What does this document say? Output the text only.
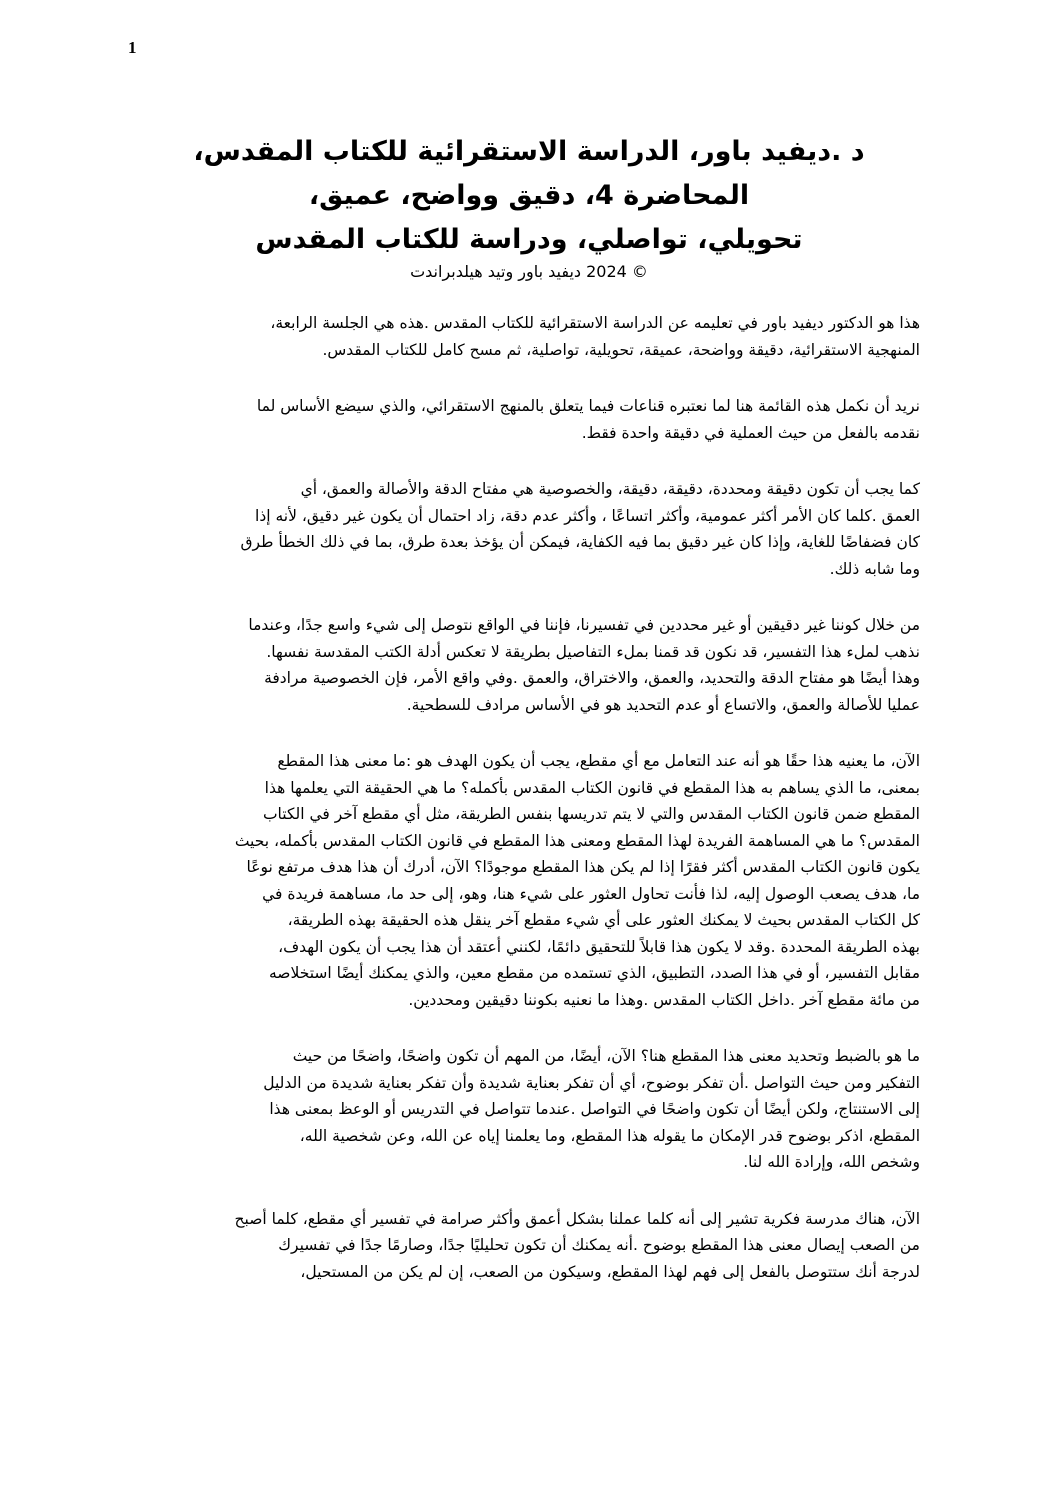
1
د .ديفيد باور، الدراسة الاستقرائية للكتاب المقدس،
المحاضرة 4، دقيق وواضح، عميق،
تحويلي، تواصلي، ودراسة للكتاب المقدس
© 2024 ديفيد باور وتيد هيلدبراندت
هذا هو الدكتور ديفيد باور في تعليمه عن الدراسة الاستقرائية للكتاب المقدس .هذه هي الجلسة الرابعة،
المنهجية الاستقرائية، دقيقة وواضحة، عميقة، تحويلية، تواصلية، ثم مسح كامل للكتاب المقدس.
نريد أن نكمل هذه القائمة هنا لما نعتبره قناعات فيما يتعلق بالمنهج الاستقرائي، والذي سيضع الأساس لما
نقدمه بالفعل من حيث العملية في دقيقة واحدة فقط.
كما يجب أن تكون دقيقة ومحددة، دقيقة، دقيقة، والخصوصية هي مفتاح الدقة والأصالة والعمق، أي
العمق .كلما كان الأمر أكثر عمومية، وأكثر اتساعًا ، وأكثر عدم دقة، زاد احتمال أن يكون غير دقيق، لأنه إذا
كان فضفاضًا للغاية، وإذا كان غير دقيق بما فيه الكفاية، فيمكن أن يؤخذ بعدة طرق، بما في ذلك الخطأ طرق
وما شابه ذلك.
من خلال كوننا غير دقيقين أو غير محددين في تفسيرنا، فإننا في الواقع نتوصل إلى شيء واسع جدًا، وعندما
نذهب لملء هذا التفسير، قد نكون قد قمنا بملء التفاصيل بطريقة لا تعكس أدلة الكتب المقدسة نفسها.
وهذا أيضًا هو مفتاح الدقة والتحديد، والعمق، والاختراق، والعمق .وفي واقع الأمر، فإن الخصوصية مرادفة
عمليا للأصالة والعمق، والاتساع أو عدم التحديد هو في الأساس مرادف للسطحية.
الآن، ما يعنيه هذا حقًا هو أنه عند التعامل مع أي مقطع، يجب أن يكون الهدف هو :ما معنى هذا المقطع
بمعنى، ما الذي يساهم به هذا المقطع في قانون الكتاب المقدس بأكمله؟ ما هي الحقيقة التي يعلمها هذا
المقطع ضمن قانون الكتاب المقدس والتي لا يتم تدريسها بنفس الطريقة، مثل أي مقطع آخر في الكتاب
المقدس؟ ما هي المساهمة الفريدة لهذا المقطع ومعنى هذا المقطع في قانون الكتاب المقدس بأكمله، بحيث
يكون قانون الكتاب المقدس أكثر فقرًا إذا لم يكن هذا المقطع موجودًا؟ الآن، أدرك أن هذا هدف مرتفع نوعًا
ما، هدف يصعب الوصول إليه، لذا فأنت تحاول العثور على شيء هنا، وهو، إلى حد ما، مساهمة فريدة في
كل الكتاب المقدس بحيث لا يمكنك العثور على أي شيء مقطع آخر ينقل هذه الحقيقة بهذه الطريقة،
بهذه الطريقة المحددة .وقد لا يكون هذا قابلاً للتحقيق دائمًا، لكنني أعتقد أن هذا يجب أن يكون الهدف،
مقابل التفسير، أو في هذا الصدد، التطبيق، الذي تستمده من مقطع معين، والذي يمكنك أيضًا استخلاصه
من مائة مقطع آخر .داخل الكتاب المقدس .وهذا ما نعنيه بكوننا دقيقين ومحددين.
ما هو بالضبط وتحديد معنى هذا المقطع هنا؟ الآن، أيضًا، من المهم أن تكون واضحًا، واضحًا من حيث
التفكير ومن حيث التواصل .أن تفكر بوضوح، أي أن تفكر بعناية شديدة وأن تفكر بعناية شديدة من الدليل
إلى الاستنتاج، ولكن أيضًا أن تكون واضحًا في التواصل .عندما تتواصل في التدريس أو الوعظ بمعنى هذا
المقطع، اذكر بوضوح قدر الإمكان ما يقوله هذا المقطع، وما يعلمنا إياه عن الله، وعن شخصية الله،
وشخص الله، وإرادة الله لنا.
الآن، هناك مدرسة فكرية تشير إلى أنه كلما عملنا بشكل أعمق وأكثر صرامة في تفسير أي مقطع، كلما أصبح
من الصعب إيصال معنى هذا المقطع بوضوح .أنه يمكنك أن تكون تحليليًا جدًا، وصارمًا جدًا في تفسيرك
لدرجة أنك ستتوصل بالفعل إلى فهم لهذا المقطع، وسيكون من الصعب، إن لم يكن من المستحيل،
